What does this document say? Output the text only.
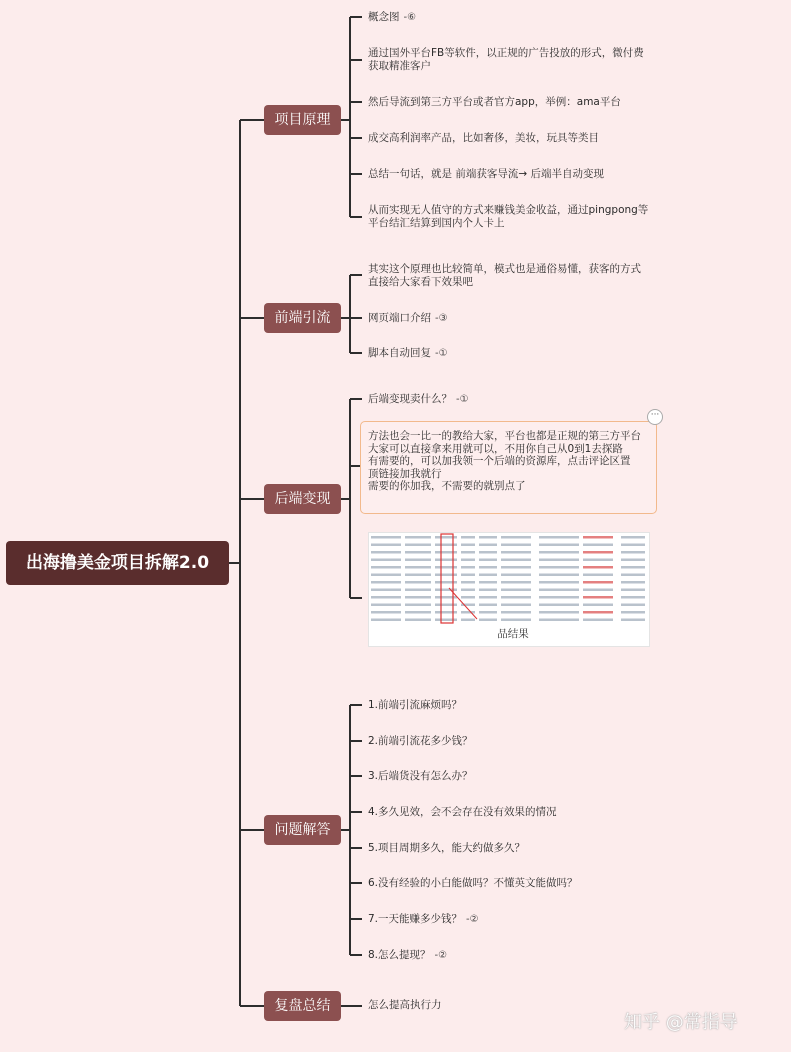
出海撸美金项目拆解2.0
项目原理
前端引流
后端变现
问题解答
复盘总结
概念图 -⑥
通过国外平台FB等软件，以正规的广告投放的形式，微付费获取精准客户
然后导流到第三方平台或者官方app，举例：ama平台
成交高利润率产品，比如奢侈，美妆，玩具等类目
总结一句话，就是 前端获客导流→ 后端半自动变现
从而实现无人值守的方式来赚钱美金收益，通过pingpong等平台结汇结算到国内个人卡上
其实这个原理也比较简单，模式也是通俗易懂，获客的方式直接给大家看下效果吧
网页端口介绍 -③
脚本自动回复 -①
后端变现卖什么？ -①
方法也会一比一的教给大家，平台也都是正规的第三方平台
大家可以直接拿来用就可以，不用你自己从0到1去探路
有需要的，可以加我领一个后端的资源库，点击评论区置
顶链接加我就行
需要的你加我，不需要的就别点了
···
品结果
1.前端引流麻烦吗？
2.前端引流花多少钱？
3.后端货没有怎么办？
4.多久见效，会不会存在没有效果的情况
5.项目周期多久，能大约做多久？
6.没有经验的小白能做吗？不懂英文能做吗？
7.一天能赚多少钱？ -②
8.怎么提现？ -②
怎么提高执行力
知乎 @常指导
